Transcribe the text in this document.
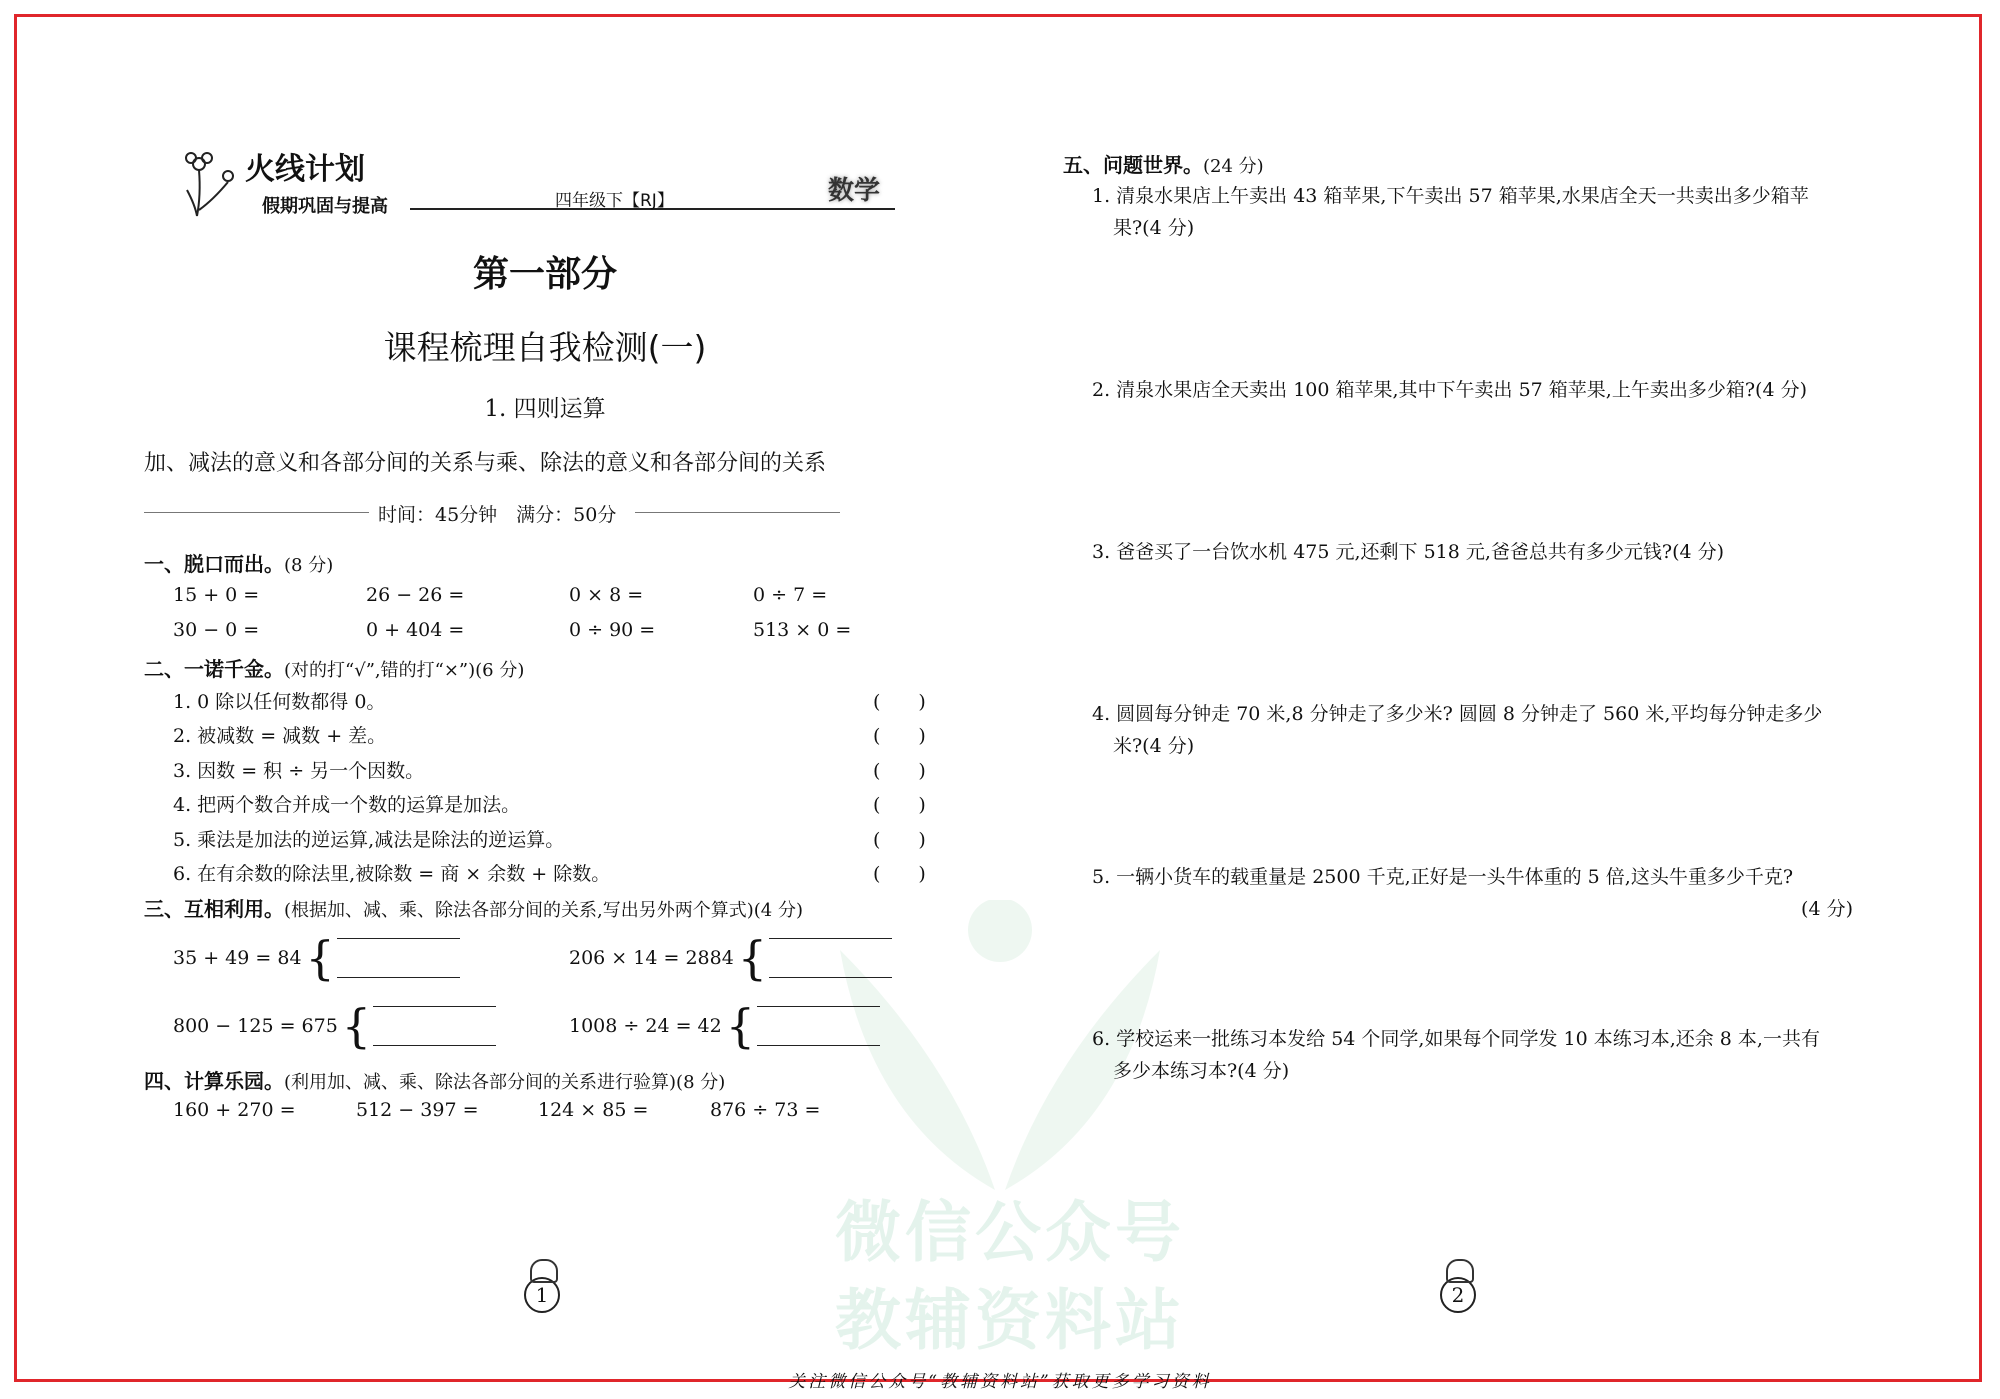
微信公众号
教辅资料站
火线计划
假期巩固与提高	四年级下【RJ】	数学
第一部分
课程梳理自我检测(一)
1. 四则运算
加、减法的意义和各部分间的关系与乘、除法的意义和各部分间的关系
时间：45分钟　满分：50分
一、脱口而出。(8 分)
15 + 0 =	26 − 26 =	0 × 8 =	0 ÷ 7 =
30 − 0 =	0 + 404 =	0 ÷ 90 =	513 × 0 =
二、一诺千金。(对的打“√”,错的打“×”)(6 分)
1. 0 除以任何数都得 0。	(　　)
2. 被减数 = 减数 + 差。	(　　)
3. 因数 = 积 ÷ 另一个因数。	(　　)
4. 把两个数合并成一个数的运算是加法。	(　　)
5. 乘法是加法的逆运算,减法是除法的逆运算。	(　　)
6. 在有余数的除法里,被除数 = 商 × 余数 + 除数。	(　　)
三、互相利用。(根据加、减、乘、除法各部分间的关系,写出另外两个算式)(4 分)
35 + 49 = 84 {	206 × 14 = 2884 {
800 − 125 = 675 {	1008 ÷ 24 = 42 {
四、计算乐园。(利用加、减、乘、除法各部分间的关系进行验算)(8 分)
160 + 270 =	512 − 397 =	124 × 85 =	876 ÷ 73 =
五、问题世界。(24 分)
1. 清泉水果店上午卖出 43 箱苹果,下午卖出 57 箱苹果,水果店全天一共卖出多少箱苹
果?(4 分)
2. 清泉水果店全天卖出 100 箱苹果,其中下午卖出 57 箱苹果,上午卖出多少箱?(4 分)
3. 爸爸买了一台饮水机 475 元,还剩下 518 元,爸爸总共有多少元钱?(4 分)
4. 圆圆每分钟走 70 米,8 分钟走了多少米? 圆圆 8 分钟走了 560 米,平均每分钟走多少
米?(4 分)
5. 一辆小货车的载重量是 2500 千克,正好是一头牛体重的 5 倍,这头牛重多少千克?
(4 分)
6. 学校运来一批练习本发给 54 个同学,如果每个同学发 10 本练习本,还余 8 本,一共有
多少本练习本?(4 分)
1	2
关注微信公众号“教辅资料站”获取更多学习资料
